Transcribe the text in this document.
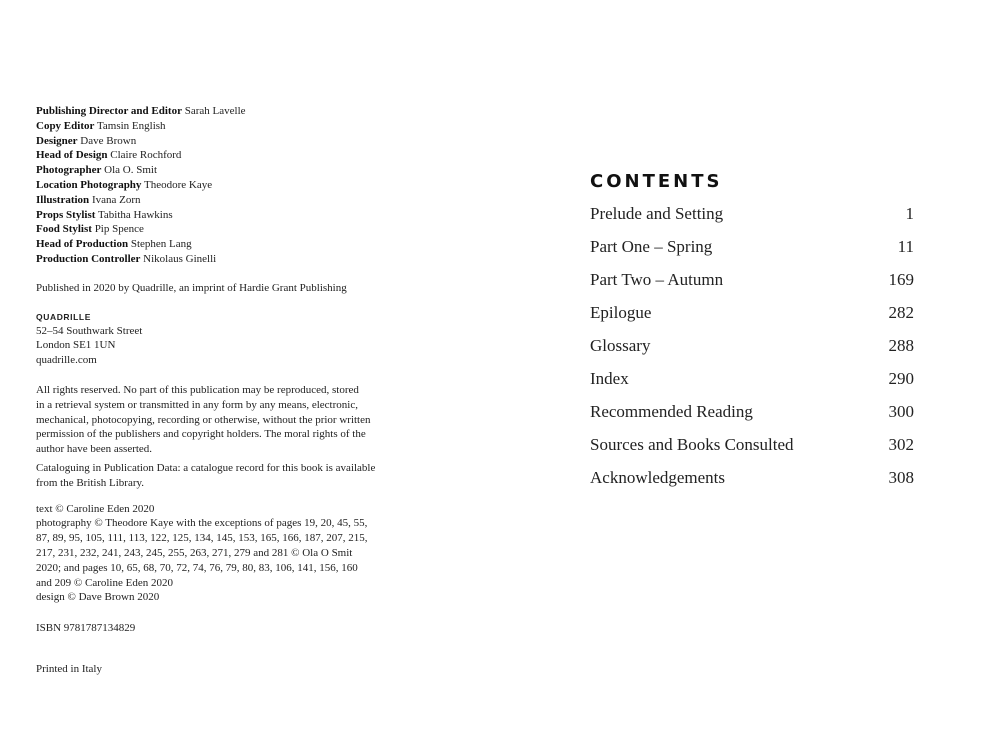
Publishing Director and Editor Sarah Lavelle
Copy Editor Tamsin English
Designer Dave Brown
Head of Design Claire Rochford
Photographer Ola O. Smit
Location Photography Theodore Kaye
Illustration Ivana Zorn
Props Stylist Tabitha Hawkins
Food Stylist Pip Spence
Head of Production Stephen Lang
Production Controller Nikolaus Ginelli

Published in 2020 by Quadrille, an imprint of Hardie Grant Publishing

QUADRILLE
52–54 Southwark Street
London SE1 1UN
quadrille.com
All rights reserved. No part of this publication may be reproduced, stored
in a retrieval system or transmitted in any form by any means, electronic,
mechanical, photocopying, recording or otherwise, without the prior written
permission of the publishers and copyright holders. The moral rights of the
author have been asserted.
Cataloguing in Publication Data: a catalogue record for this book is available
from the British Library.
text © Caroline Eden 2020
photography © Theodore Kaye with the exceptions of pages 19, 20, 45, 55,
87, 89, 95, 105, 111, 113, 122, 125, 134, 145, 153, 165, 166, 187, 207, 215,
217, 231, 232, 241, 243, 245, 255, 263, 271, 279 and 281 © Ola O Smit
2020; and pages 10, 65, 68, 70, 72, 74, 76, 79, 80, 83, 106, 141, 156, 160
and 209 © Caroline Eden 2020
design © Dave Brown 2020

ISBN 9781787134829

Printed in Italy

CONTENTS
Prelude and Setting	1
Part One – Spring	11
Part Two – Autumn	169
Epilogue	282
Glossary	288
Index	290
Recommended Reading	300
Sources and Books Consulted	302
Acknowledgements	308
